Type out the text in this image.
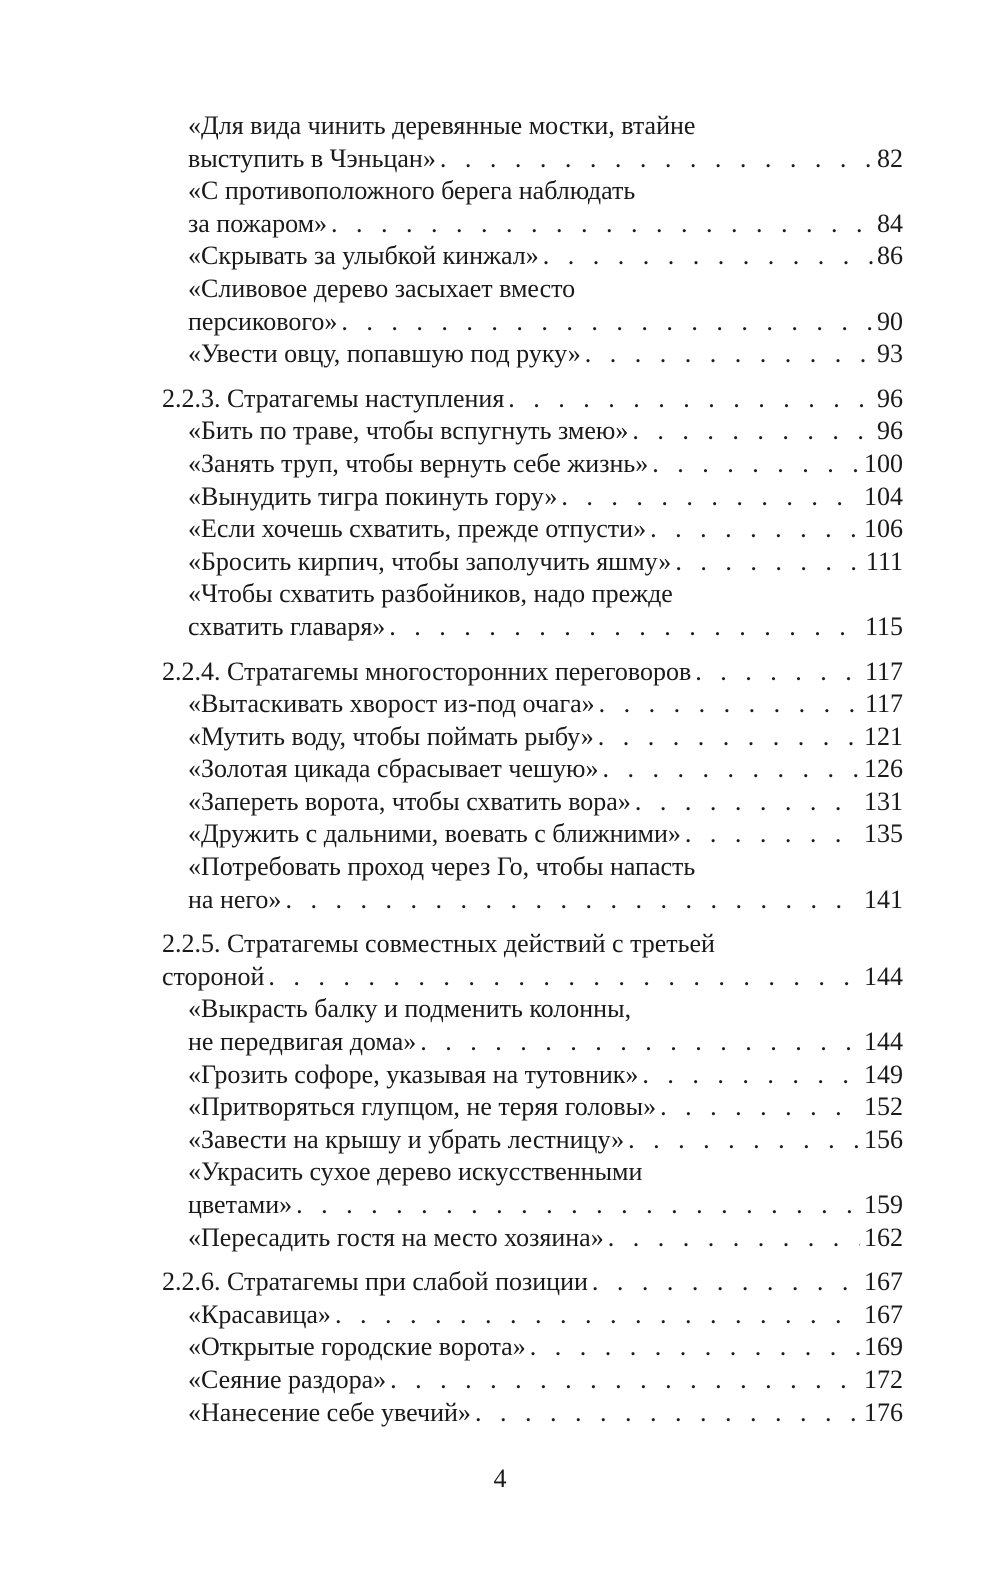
«Для вида чинить деревянные мостки, втайне
выступить в Чэньцан» . . .	82
«С противоположного берега наблюдать
за пожаром» . . .	84
«Скрывать за улыбкой кинжал» . . .	86
«Сливовое дерево засыхает вместо
персикового» . . .	90
«Увести овцу, попавшую под руку» . . .	93
2.2.3. Стратагемы наступления . . .	96
«Бить по траве, чтобы вспугнуть змею» . . .	96
«Занять труп, чтобы вернуть себе жизнь» . . .	100
«Вынудить тигра покинуть гору» . . .	104
«Если хочешь схватить, прежде отпусти» . . .	106
«Бросить кирпич, чтобы заполучить яшму» . . .	111
«Чтобы схватить разбойников, надо прежде
схватить главаря» . . .	115
2.2.4. Стратагемы многосторонних переговоров . . .	117
«Вытаскивать хворост из-под очага» . . .	117
«Мутить воду, чтобы поймать рыбу» . . .	121
«Золотая цикада сбрасывает чешую» . . .	126
«Запереть ворота, чтобы схватить вора» . . .	131
«Дружить с дальними, воевать с ближними» . . .	135
«Потребовать проход через Го, чтобы напасть
на него» . . .	141
2.2.5. Стратагемы совместных действий с третьей
стороной . . .	144
«Выкрасть балку и подменить колонны,
не передвигая дома» . . .	144
«Грозить софоре, указывая на тутовник» . . .	149
«Притворяться глупцом, не теряя головы» . . .	152
«Завести на крышу и убрать лестницу» . . .	156
«Украсить сухое дерево искусственными
цветами» . . .	159
«Пересадить гостя на место хозяина» . . .	162
2.2.6. Стратагемы при слабой позиции . . .	167
«Красавица» . . .	167
«Открытые городские ворота» . . .	169
«Сеяние раздора» . . .	172
«Нанесение себе увечий» . . .	176
4
